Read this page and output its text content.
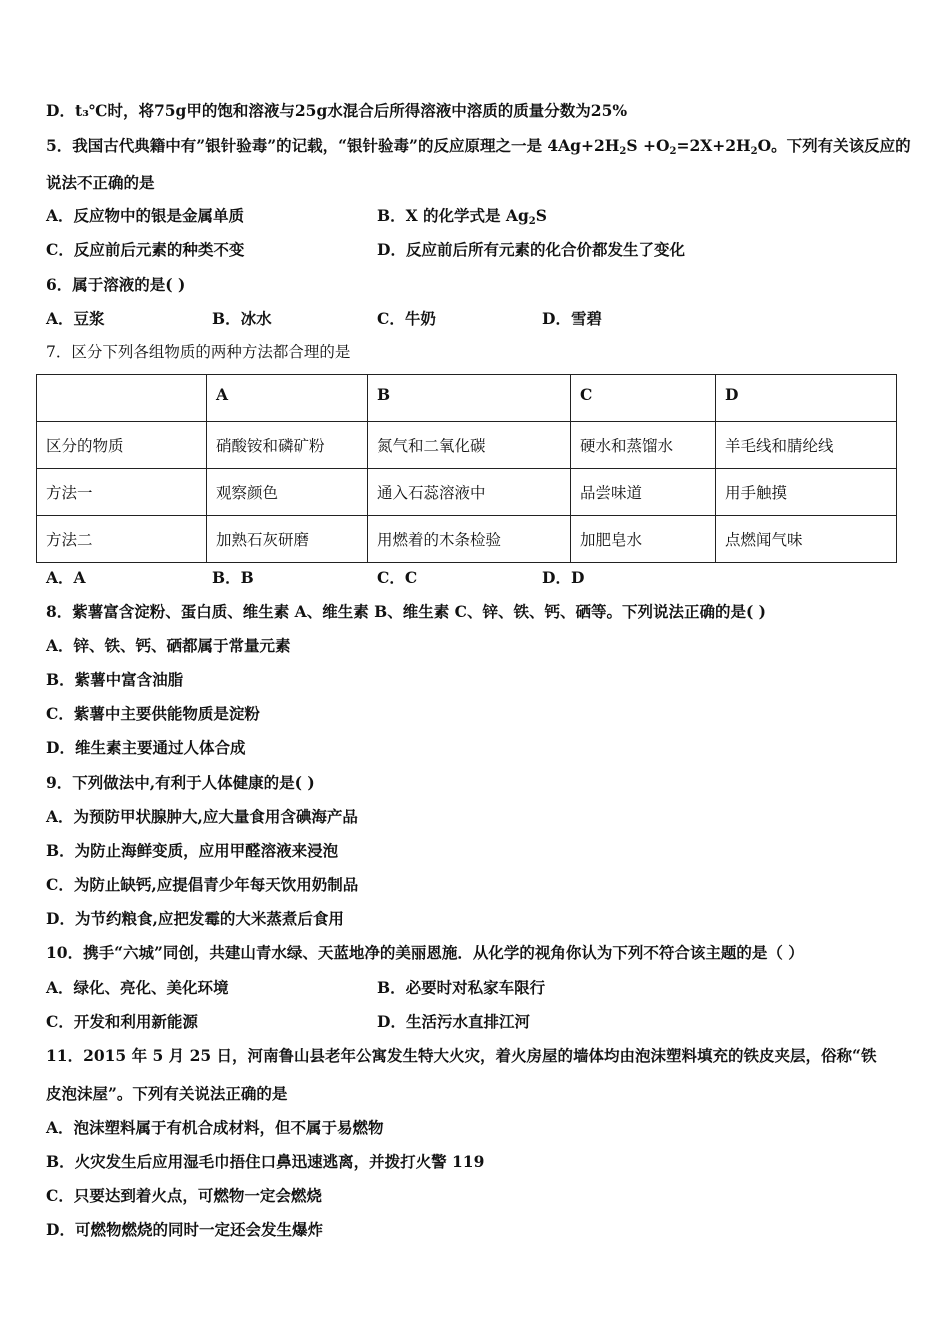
D．t₃℃时，将75g甲的饱和溶液与25g水混合后所得溶液中溶质的质量分数为25%
5．我国古代典籍中有”银针验毒”的记载，“银针验毒”的反应原理之一是 $4Ag+2H_2S +O_2=2X+2H_2O$。下列有关该反应的
说法不正确的是
A．反应物中的银是金属单质	B．X 的化学式是 $Ag_2S$
C．反应前后元素的种类不变	D．反应前后所有元素的化合价都发生了变化
6．属于溶液的是( )
A．豆浆	B．冰水	C．牛奶	D．雪碧
7．区分下列各组物质的两种方法都合理的是
	A	B	C	D
区分的物质	硝酸铵和磷矿粉	氮气和二氧化碳	硬水和蒸馏水	羊毛线和腈纶线
方法一	观察颜色	通入石蕊溶液中	品尝味道	用手触摸
方法二	加熟石灰研磨	用燃着的木条检验	加肥皂水	点燃闻气味
A．A	B．B	C．C	D．D
8．紫薯富含淀粉、蛋白质、维生素 A、维生素 B、维生素 C、锌、铁、钙、硒等。下列说法正确的是( )
A．锌、铁、钙、硒都属于常量元素
B．紫薯中富含油脂
C．紫薯中主要供能物质是淀粉
D．维生素主要通过人体合成
9．下列做法中,有利于人体健康的是( )
A．为预防甲状腺肿大,应大量食用含碘海产品
B．为防止海鲜变质，应用甲醛溶液来浸泡
C．为防止缺钙,应提倡青少年每天饮用奶制品
D．为节约粮食,应把发霉的大米蒸煮后食用
10．携手“六城”同创，共建山青水绿、天蓝地净的美丽恩施．从化学的视角你认为下列不符合该主题的是（ ）
A．绿化、亮化、美化环境	B．必要时对私家车限行
C．开发和利用新能源	D．生活污水直排江河
11．2015 年 5 月 25 日，河南鲁山县老年公寓发生特大火灾，着火房屋的墙体均由泡沫塑料填充的铁皮夹层，俗称“铁
皮泡沫屋”。下列有关说法正确的是
A．泡沫塑料属于有机合成材料，但不属于易燃物
B．火灾发生后应用湿毛巾捂住口鼻迅速逃离，并拨打火警 119
C．只要达到着火点，可燃物一定会燃烧
D．可燃物燃烧的同时一定还会发生爆炸
